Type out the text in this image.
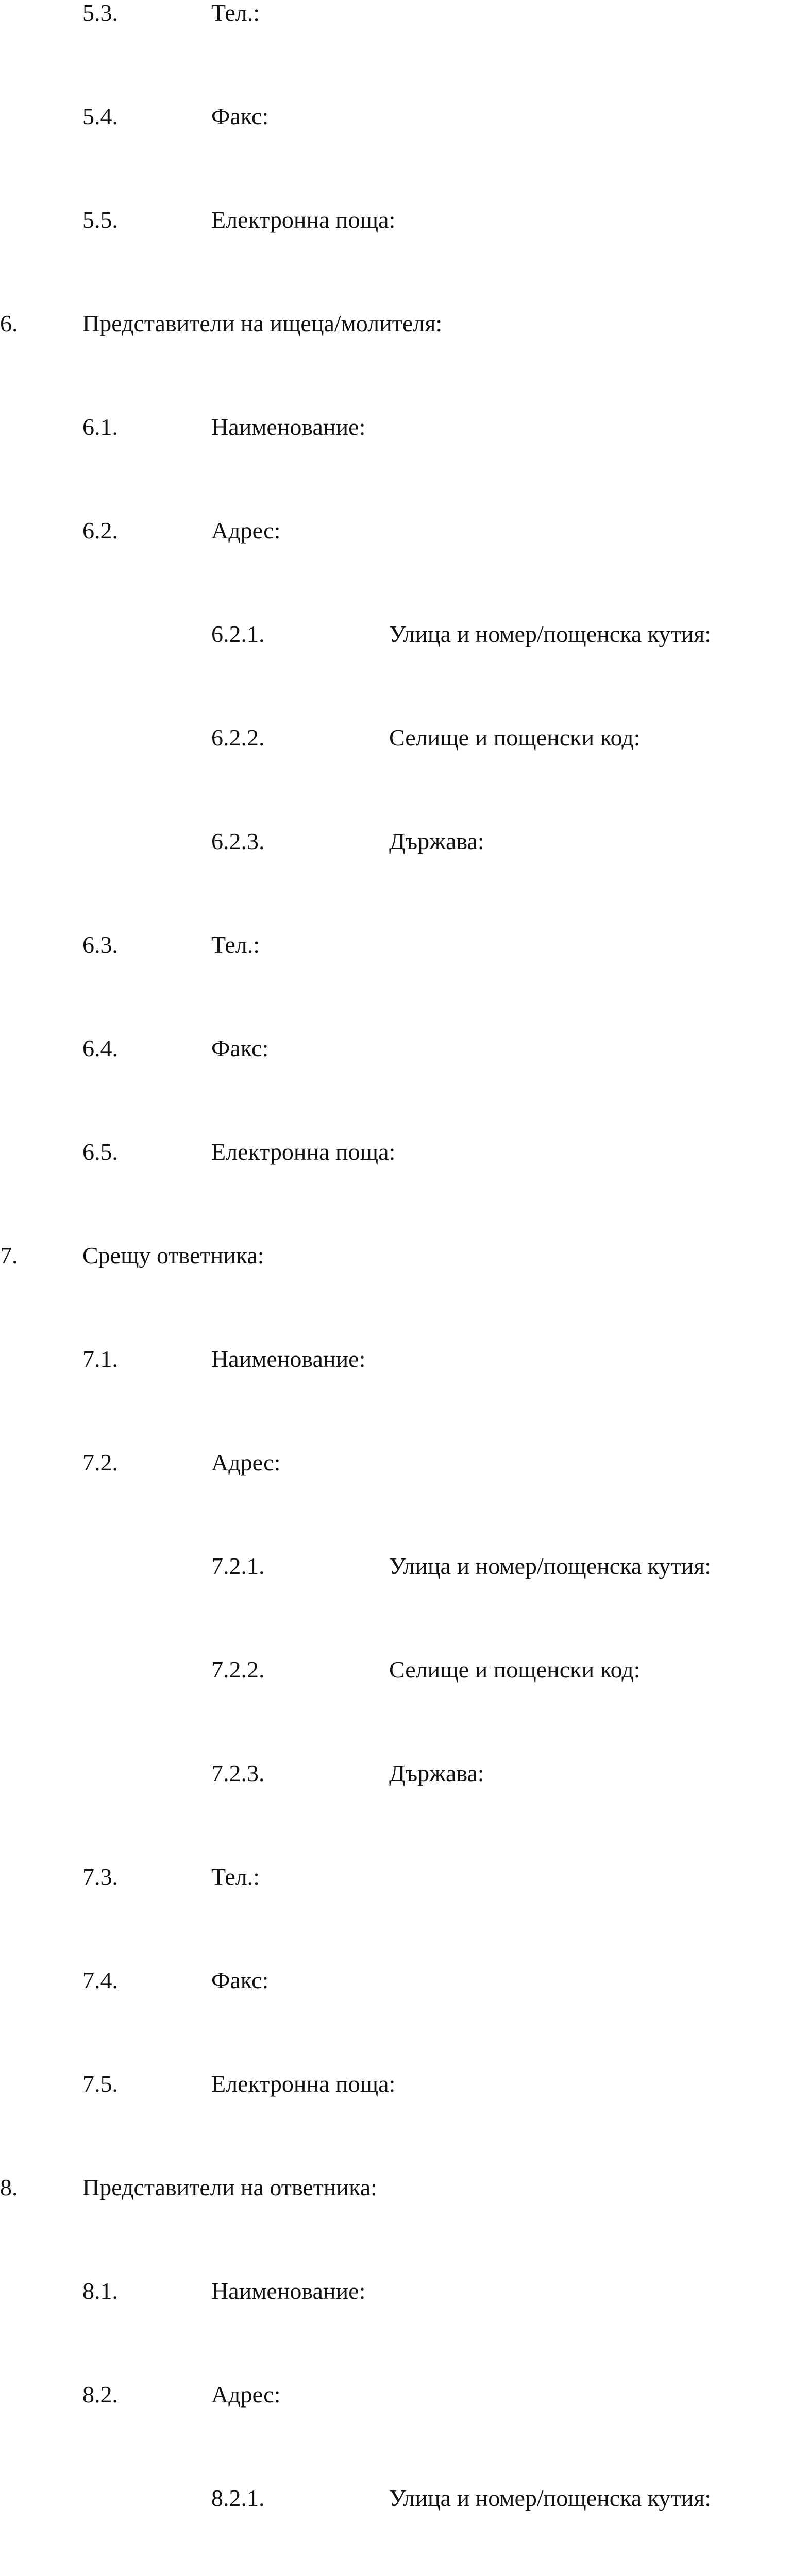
5.3.	Тел.:
5.4.	Факс:
5.5.	Електронна поща:
6.	Представители на ищеца/молителя:
6.1.	Наименование:
6.2.	Адрес:
6.2.1.	Улица и номер/пощенска кутия:
6.2.2.	Селище и пощенски код:
6.2.3.	Държава:
6.3.	Тел.:
6.4.	Факс:
6.5.	Електронна поща:
7.	Срещу ответника:
7.1.	Наименование:
7.2.	Адрес:
7.2.1.	Улица и номер/пощенска кутия:
7.2.2.	Селище и пощенски код:
7.2.3.	Държава:
7.3.	Тел.:
7.4.	Факс:
7.5.	Електронна поща:
8.	Представители на ответника:
8.1.	Наименование:
8.2.	Адрес:
8.2.1.	Улица и номер/пощенска кутия:
